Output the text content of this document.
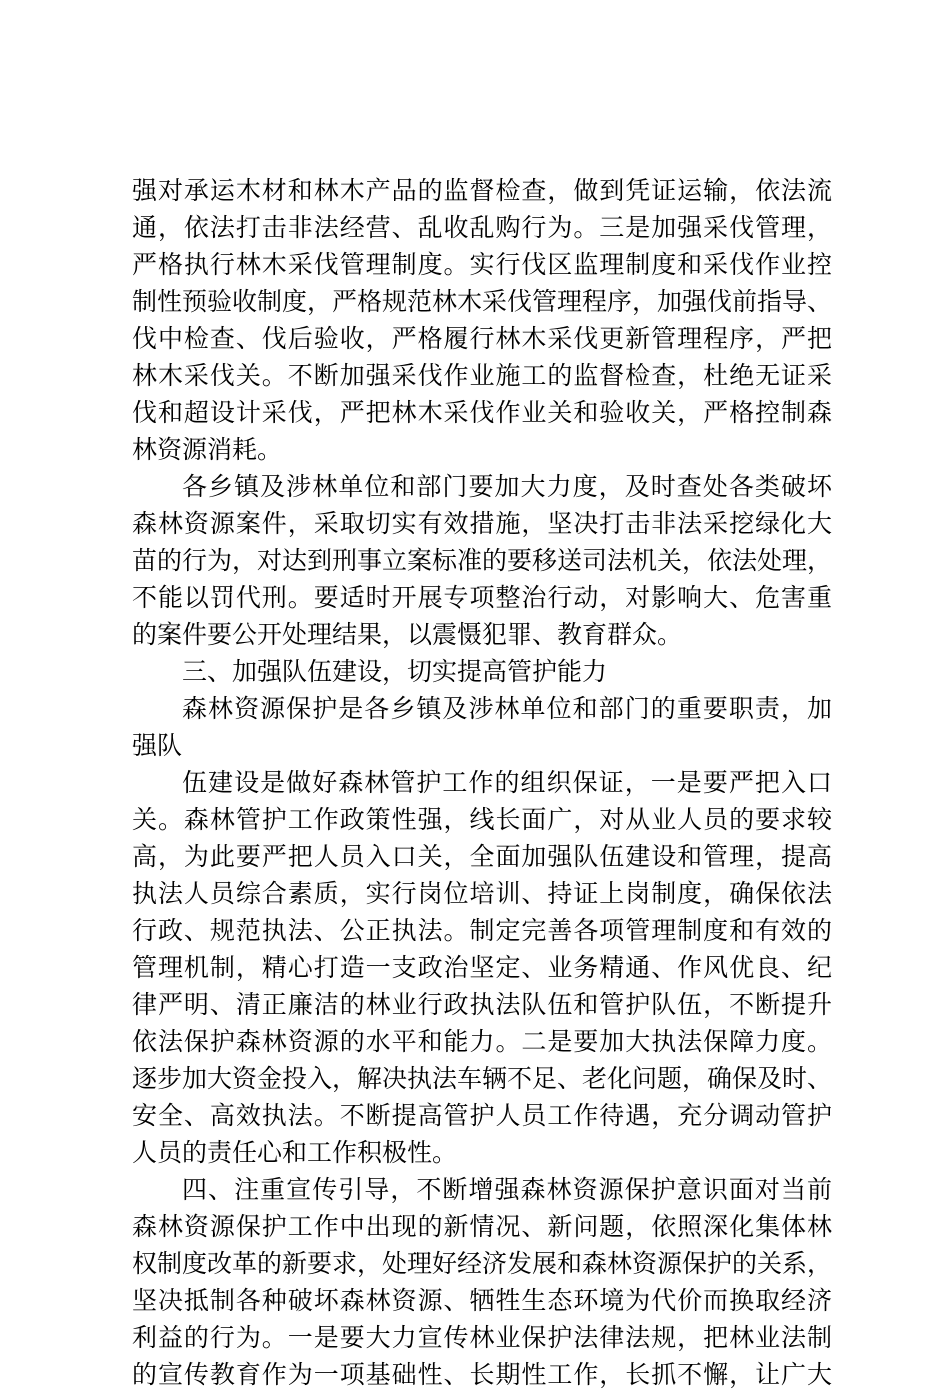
强对承运木材和林木产品的监督检查，做到凭证运输，依法流
通，依法打击非法经营、乱收乱购行为。三是加强采伐管理，
严格执行林木采伐管理制度。实行伐区监理制度和采伐作业控
制性预验收制度，严格规范林木采伐管理程序，加强伐前指导、
伐中检查、伐后验收，严格履行林木采伐更新管理程序，严把
林木采伐关。不断加强采伐作业施工的监督检查，杜绝无证采
伐和超设计采伐，严把林木采伐作业关和验收关，严格控制森
林资源消耗。
各乡镇及涉林单位和部门要加大力度，及时查处各类破坏
森林资源案件，采取切实有效措施，坚决打击非法采挖绿化大
苗的行为，对达到刑事立案标准的要移送司法机关，依法处理，
不能以罚代刑。要适时开展专项整治行动，对影响大、危害重
的案件要公开处理结果，以震慑犯罪、教育群众。
三、加强队伍建设，切实提高管护能力
森林资源保护是各乡镇及涉林单位和部门的重要职责，加
强队
伍建设是做好森林管护工作的组织保证，一是要严把入口
关。森林管护工作政策性强，线长面广，对从业人员的要求较
高，为此要严把人员入口关，全面加强队伍建设和管理，提高
执法人员综合素质，实行岗位培训、持证上岗制度，确保依法
行政、规范执法、公正执法。制定完善各项管理制度和有效的
管理机制，精心打造一支政治坚定、业务精通、作风优良、纪
律严明、清正廉洁的林业行政执法队伍和管护队伍，不断提升
依法保护森林资源的水平和能力。二是要加大执法保障力度。
逐步加大资金投入，解决执法车辆不足、老化问题，确保及时、
安全、高效执法。不断提高管护人员工作待遇，充分调动管护
人员的责任心和工作积极性。
四、注重宣传引导，不断增强森林资源保护意识面对当前
森林资源保护工作中出现的新情况、新问题，依照深化集体林
权制度改革的新要求，处理好经济发展和森林资源保护的关系，
坚决抵制各种破坏森林资源、牺牲生态环境为代价而换取经济
利益的行为。一是要大力宣传林业保护法律法规，把林业法制
的宣传教育作为一项基础性、长期性工作，长抓不懈，让广大
